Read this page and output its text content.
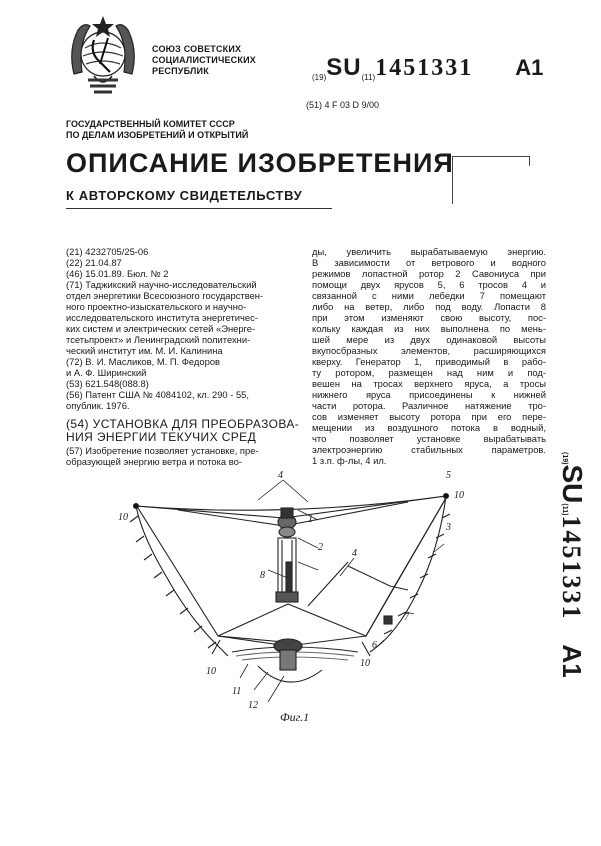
СОЮЗ СОВЕТСКИХ
СОЦИАЛИСТИЧЕСКИХ
РЕСПУБЛИК
(19)SU(11)1451331 A1
(51) 4 F 03 D 9/00
ГОСУДАРСТВЕННЫЙ КОМИТЕТ СССР
ПО ДЕЛАМ ИЗОБРЕТЕНИЙ И ОТКРЫТИЙ
ОПИСАНИЕ ИЗОБРЕТЕНИЯ
К АВТОРСКОМУ СВИДЕТЕЛЬСТВУ
(21) 4232705/25-06
(22) 21.04.87
(46) 15.01.89. Бюл. № 2
(71) Таджикский научно-исследовательский
отдел энергетики Всесоюзного государствен-
ного проектно-изыскательского и научно-
исследовательского института энергетичес-
ких систем и электрических сетей «Энерге-
тсетьпроект» и Ленинградский политехни-
ческий институт им. М. И. Калинина
(72) В. И. Масликов, М. П. Федоров
и А. Ф. Ширинский
(53) 621.548(088.8)
(56) Патент США № 4084102, кл. 290 - 55,
опублик. 1976.
(54) УСТАНОВКА ДЛЯ ПРЕОБРАЗОВА-
НИЯ ЭНЕРГИИ ТЕКУЧИХ СРЕД
(57) Изобретение позволяет установке, пре-
образующей энергию ветра и потока во-
ды, увеличить вырабатываемую энергию.
В зависимости от ветрового и водного
режимов лопастной ротор 2 Савониуса при
помощи двух ярусов 5, 6 тросов 4 и
связанной с ними лебедки 7 помещают
либо на ветер, либо под воду. Лопасти 8
при этом изменяют свою высоту, пос-
кольку каждая из них выполнена по мень-
шей мере из двух одинаковой высоты
вкупосбразных элементов, расширяющихся
кверху. Генератор 1, приводимый в рабо-
ту ротором, размещен над ним и под-
вешен на тросах верхнего яруса, а тросы
нижнего яруса присоединены к нижней
части ротора. Различное натяжение тро-
сов изменяет высоту ротора при его пере-
мещении из воздушного потока в водный,
что позволяет установке вырабатывать
электроэнергию стабильных параметров.
1 з.п. ф-лы, 4 ил.	(19)SU(11)1451331A1
1
2
3
4
4
5
6
7
8
10
10
10
10
11
12
Фиг.1
